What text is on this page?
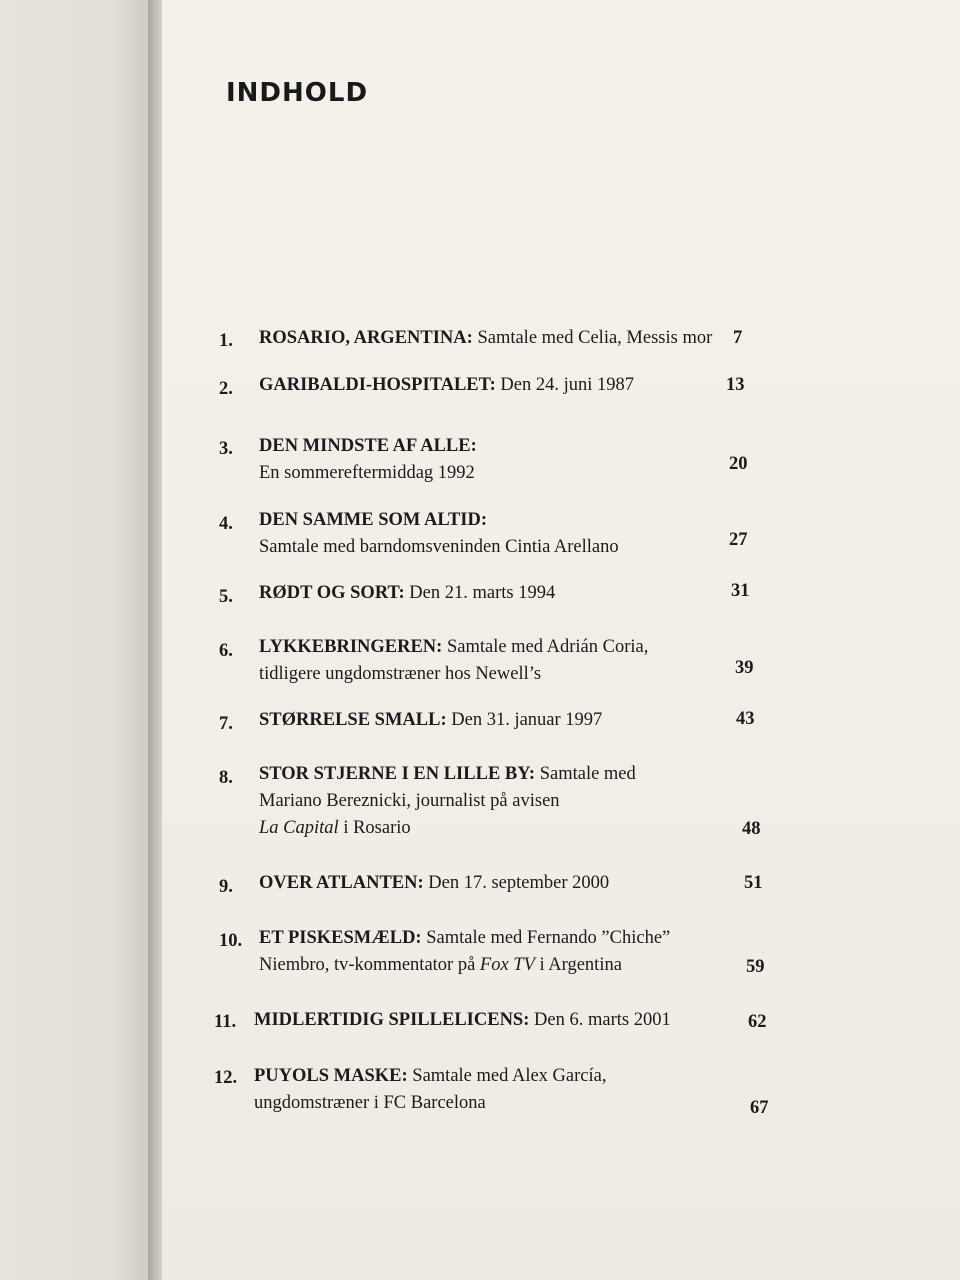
INDHOLD
1. ROSARIO, ARGENTINA: Samtale med Celia, Messis mor 7
2. GARIBALDI-HOSPITALET: Den 24. juni 1987	13
3. DEN MINDSTE AF ALLE:
En sommereftermiddag 1992	20
4. DEN SAMME SOM ALTID:
Samtale med barndomsveninden Cintia Arellano	27
5. RØDT OG SORT: Den 21. marts 1994	31
6. LYKKEBRINGEREN: Samtale med Adrián Coria,
tidligere ungdomstræner hos Newell’s	39
7. STØRRELSE SMALL: Den 31. januar 1997	43
8. STOR STJERNE I EN LILLE BY: Samtale med
Mariano Bereznicki, journalist på avisen
La Capital i Rosario	48
9. OVER ATLANTEN: Den 17. september 2000	51
10. ET PISKESMÆLD: Samtale med Fernando ”Chiche”
Niembro, tv-kommentator på Fox TV i Argentina	59
11. MIDLERTIDIG SPILLELICENS: Den 6. marts 2001	62
12. PUYOLS MASKE: Samtale med Alex García,
ungdomstræner i FC Barcelona	67
